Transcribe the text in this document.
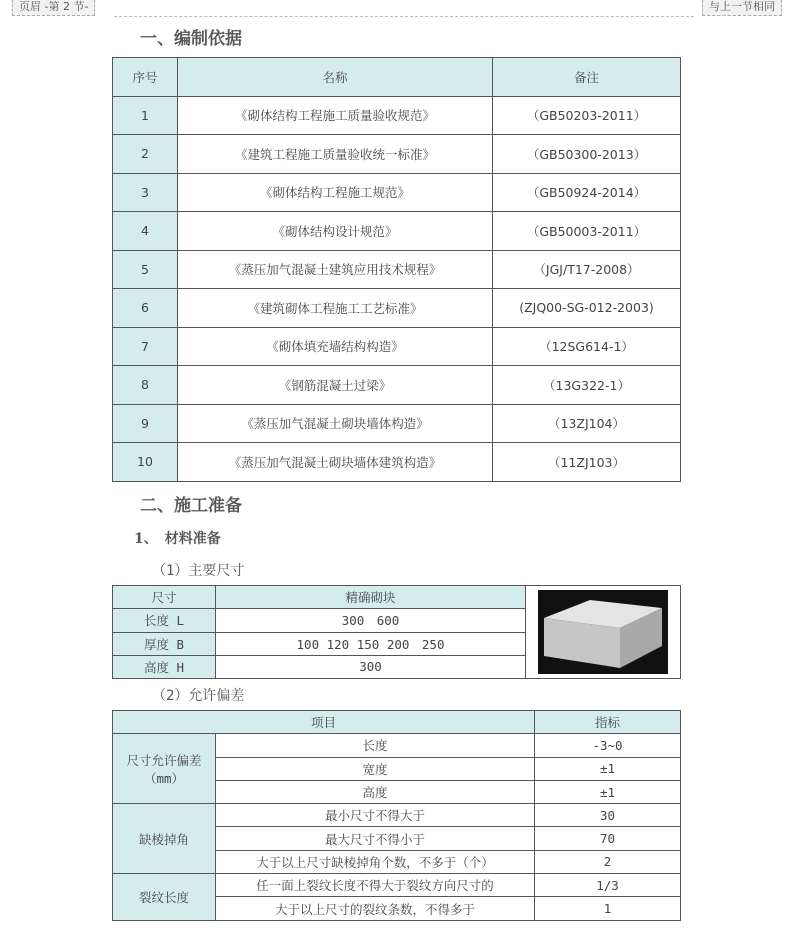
页眉 -第 2 节-	与上一节相同
一、编制依据
序号	名称	备注
1	《砌体结构工程施工质量验收规范》	（GB50203-2011）
2	《建筑工程施工质量验收统一标准》	（GB50300-2013）
3	《砌体结构工程施工规范》	（GB50924-2014）
4	《砌体结构设计规范》	（GB50003-2011）
5	《蒸压加气混凝土建筑应用技术规程》	（JGJ/T17-2008）
6	《建筑砌体工程施工工艺标准》	(ZJQ00-SG-012-2003)
7	《砌体填充墙结构构造》	（12SG614-1）
8	《钢筋混凝土过梁》	（13G322-1）
9	《蒸压加气混凝土砌块墙体构造》	（13ZJ104）
10	《蒸压加气混凝土砌块墙体建筑构造》	（11ZJ103）
二、施工准备
1、　材料准备
（1）主要尺寸
尺寸	精确砌块	

长度 L	300　600	
厚度 B	100 120 150 200　250	
高度 H	300	
（2）允许偏差
项目		指标
尺寸允许偏差（mm）	长度	-3~0
	宽度	±1
	高度	±1
缺棱掉角	最小尺寸不得大于	30
	最大尺寸不得小于	70
	大于以上尺寸缺棱掉角个数，不多于（个）	2
裂纹长度	任一面上裂纹长度不得大于裂纹方向尺寸的	1/3
	大于以上尺寸的裂纹条数，不得多于	1
